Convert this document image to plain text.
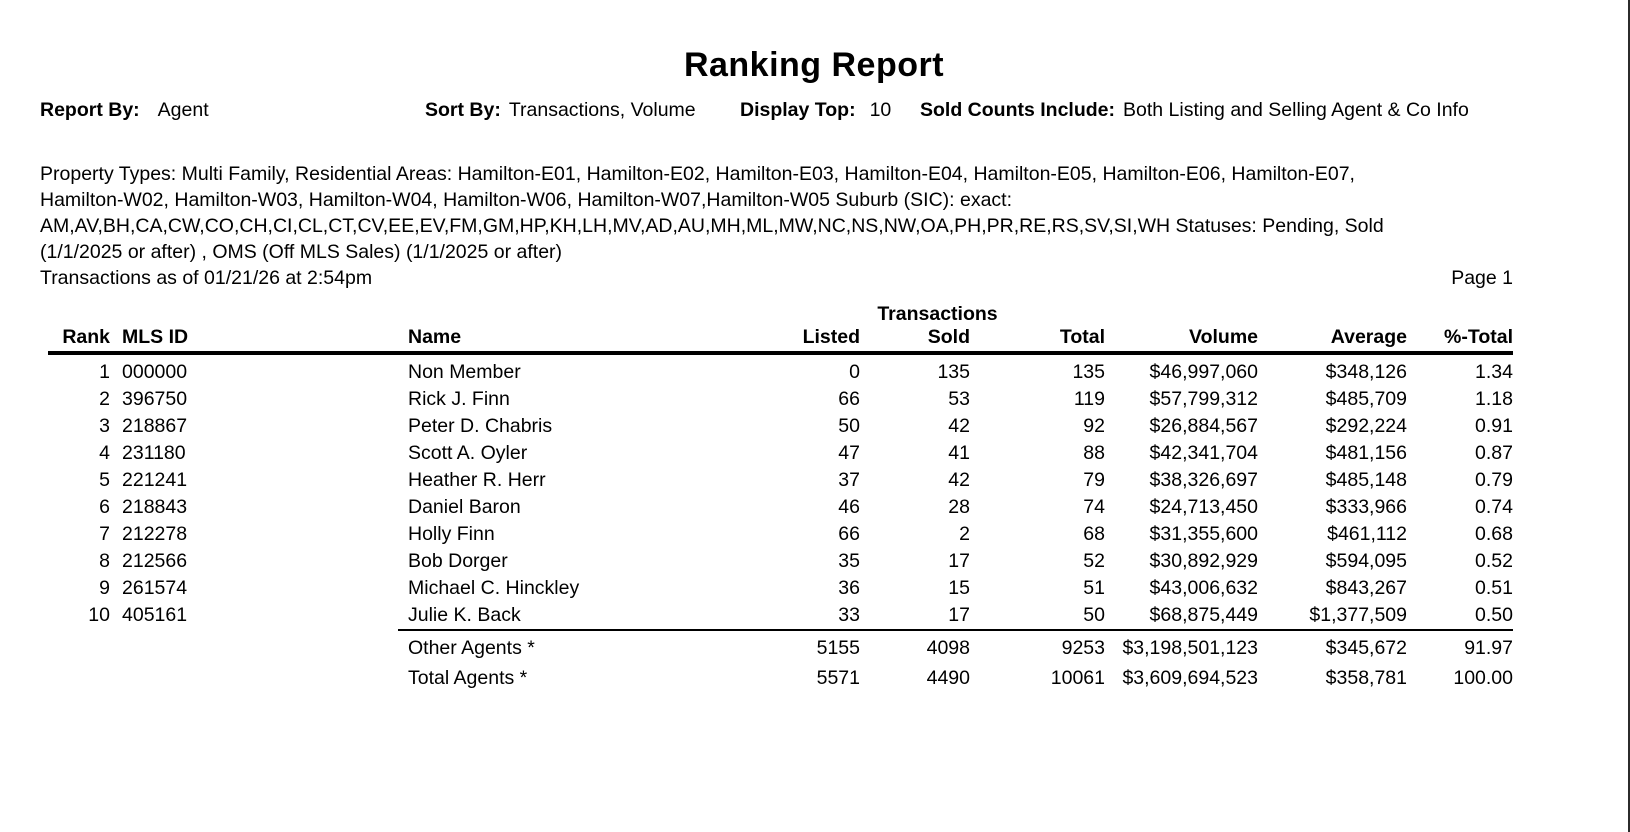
Ranking Report
Report By: Agent	Sort By: Transactions, Volume Display Top: 10 Sold Counts Include: Both Listing and Selling Agent & Co Info
Property Types: Multi Family, Residential Areas: Hamilton-E01, Hamilton-E02, Hamilton-E03, Hamilton-E04, Hamilton-E05, Hamilton-E06, Hamilton-E07,
Hamilton-W02, Hamilton-W03, Hamilton-W04, Hamilton-W06, Hamilton-W07,Hamilton-W05 Suburb (SIC): exact:
AM,AV,BH,CA,CW,CO,CH,CI,CL,CT,CV,EE,EV,FM,GM,HP,KH,LH,MV,AD,AU,MH,ML,MW,NC,NS,NW,OA,PH,PR,RE,RS,SV,SI,WH Statuses: Pending, Sold
(1/1/2025 or after) , OMS (Off MLS Sales) (1/1/2025 or after)
Transactions as of 01/21/26 at 2:54pm	Page 1
Transactions
Rank MLS ID	Name	Listed	Sold	Total	Volume	Average	%-Total
1 000000	Non Member	0	135	135	$46,997,060	$348,126	1.34
2 396750	Rick J. Finn	66	53	119	$57,799,312	$485,709	1.18
3 218867	Peter D. Chabris	50	42	92	$26,884,567	$292,224	0.91
4 231180	Scott A. Oyler	47	41	88	$42,341,704	$481,156	0.87
5 221241	Heather R. Herr	37	42	79	$38,326,697	$485,148	0.79
6 218843	Daniel Baron	46	28	74	$24,713,450	$333,966	0.74
7 212278	Holly Finn	66	2	68	$31,355,600	$461,112	0.68
8 212566	Bob Dorger	35	17	52	$30,892,929	$594,095	0.52
9 261574	Michael C. Hinckley	36	15	51	$43,006,632	$843,267	0.51
10 405161	Julie K. Back	33	17	50	$68,875,449	$1,377,509	0.50
Other Agents *	5155	4098	9253 $3,198,501,123	$345,672	91.97
Total Agents *	5571	4490	10061 $3,609,694,523	$358,781	100.00
